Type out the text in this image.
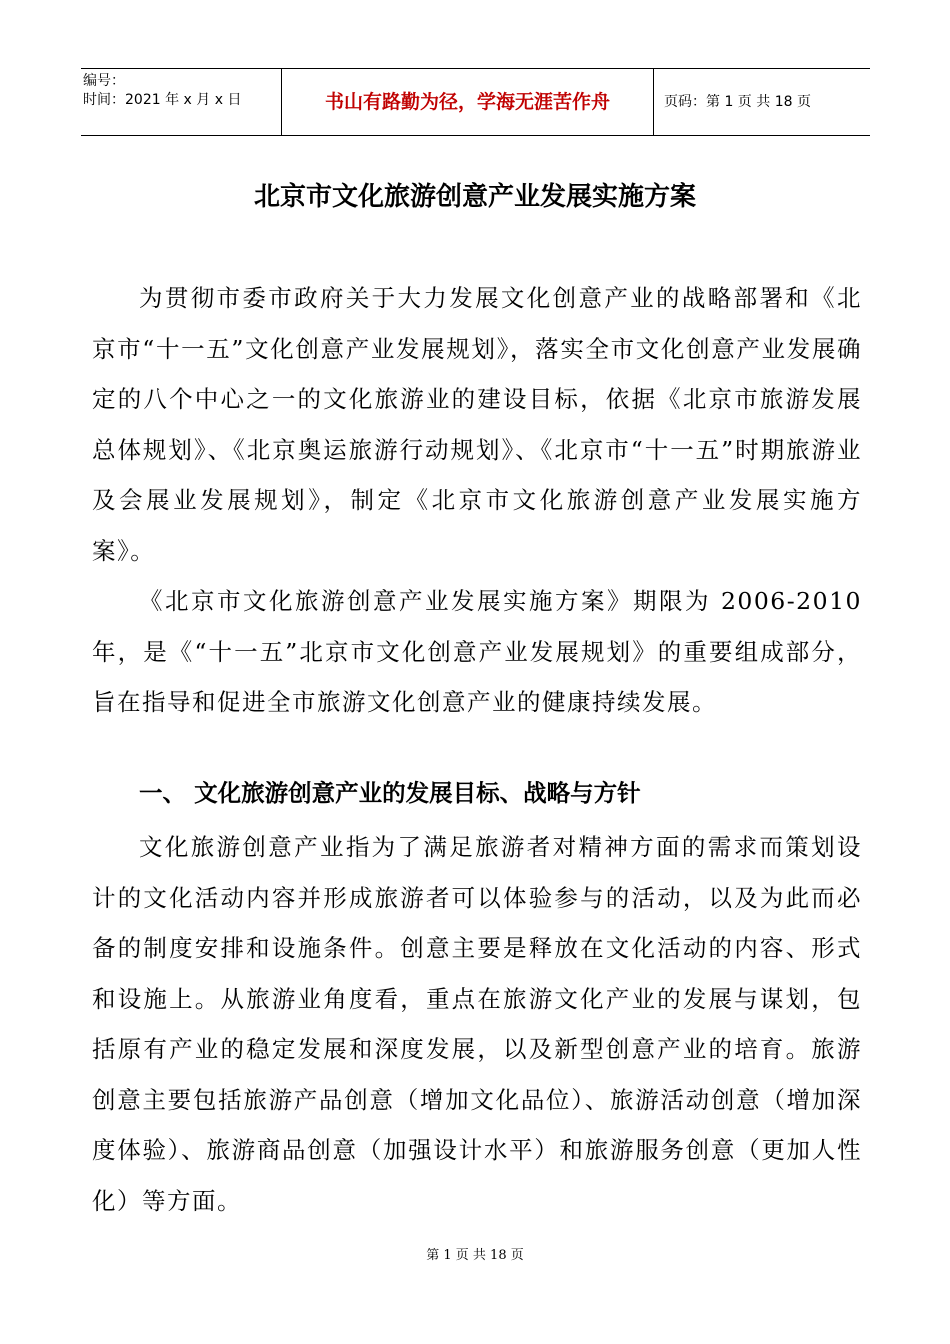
编号：
时间：2021 年 x 月 x 日	书山有路勤为径，学海无涯苦作舟	页码：第 1 页 共 18 页
北京市文化旅游创意产业发展实施方案

为贯彻市委市政府关于大力发展文化创意产业的战略部署和《北京市“十一五”文化创意产业发展规划》，落实全市文化创意产业发展确定的八个中心之一的文化旅游业的建设目标，依据《北京市旅游发展总体规划》、《北京奥运旅游行动规划》、《北京市“十一五”时期旅游业及会展业发展规划》，制定《北京市文化旅游创意产业发展实施方案》。

《北京市文化旅游创意产业发展实施方案》期限为 2006-2010 年，是《“十一五”北京市文化创意产业发展规划》的重要组成部分，旨在指导和促进全市旅游文化创意产业的健康持续发展。

一、 文化旅游创意产业的发展目标、战略与方针

文化旅游创意产业指为了满足旅游者对精神方面的需求而策划设计的文化活动内容并形成旅游者可以体验参与的活动，以及为此而必备的制度安排和设施条件。创意主要是释放在文化活动的内容、形式和设施上。从旅游业角度看，重点在旅游文化产业的发展与谋划，包括原有产业的稳定发展和深度发展，以及新型创意产业的培育。旅游创意主要包括旅游产品创意（增加文化品位）、旅游活动创意（增加深度体验）、旅游商品创意（加强设计水平）和旅游服务创意（更加人性化）等方面。

第 1 页 共 18 页
